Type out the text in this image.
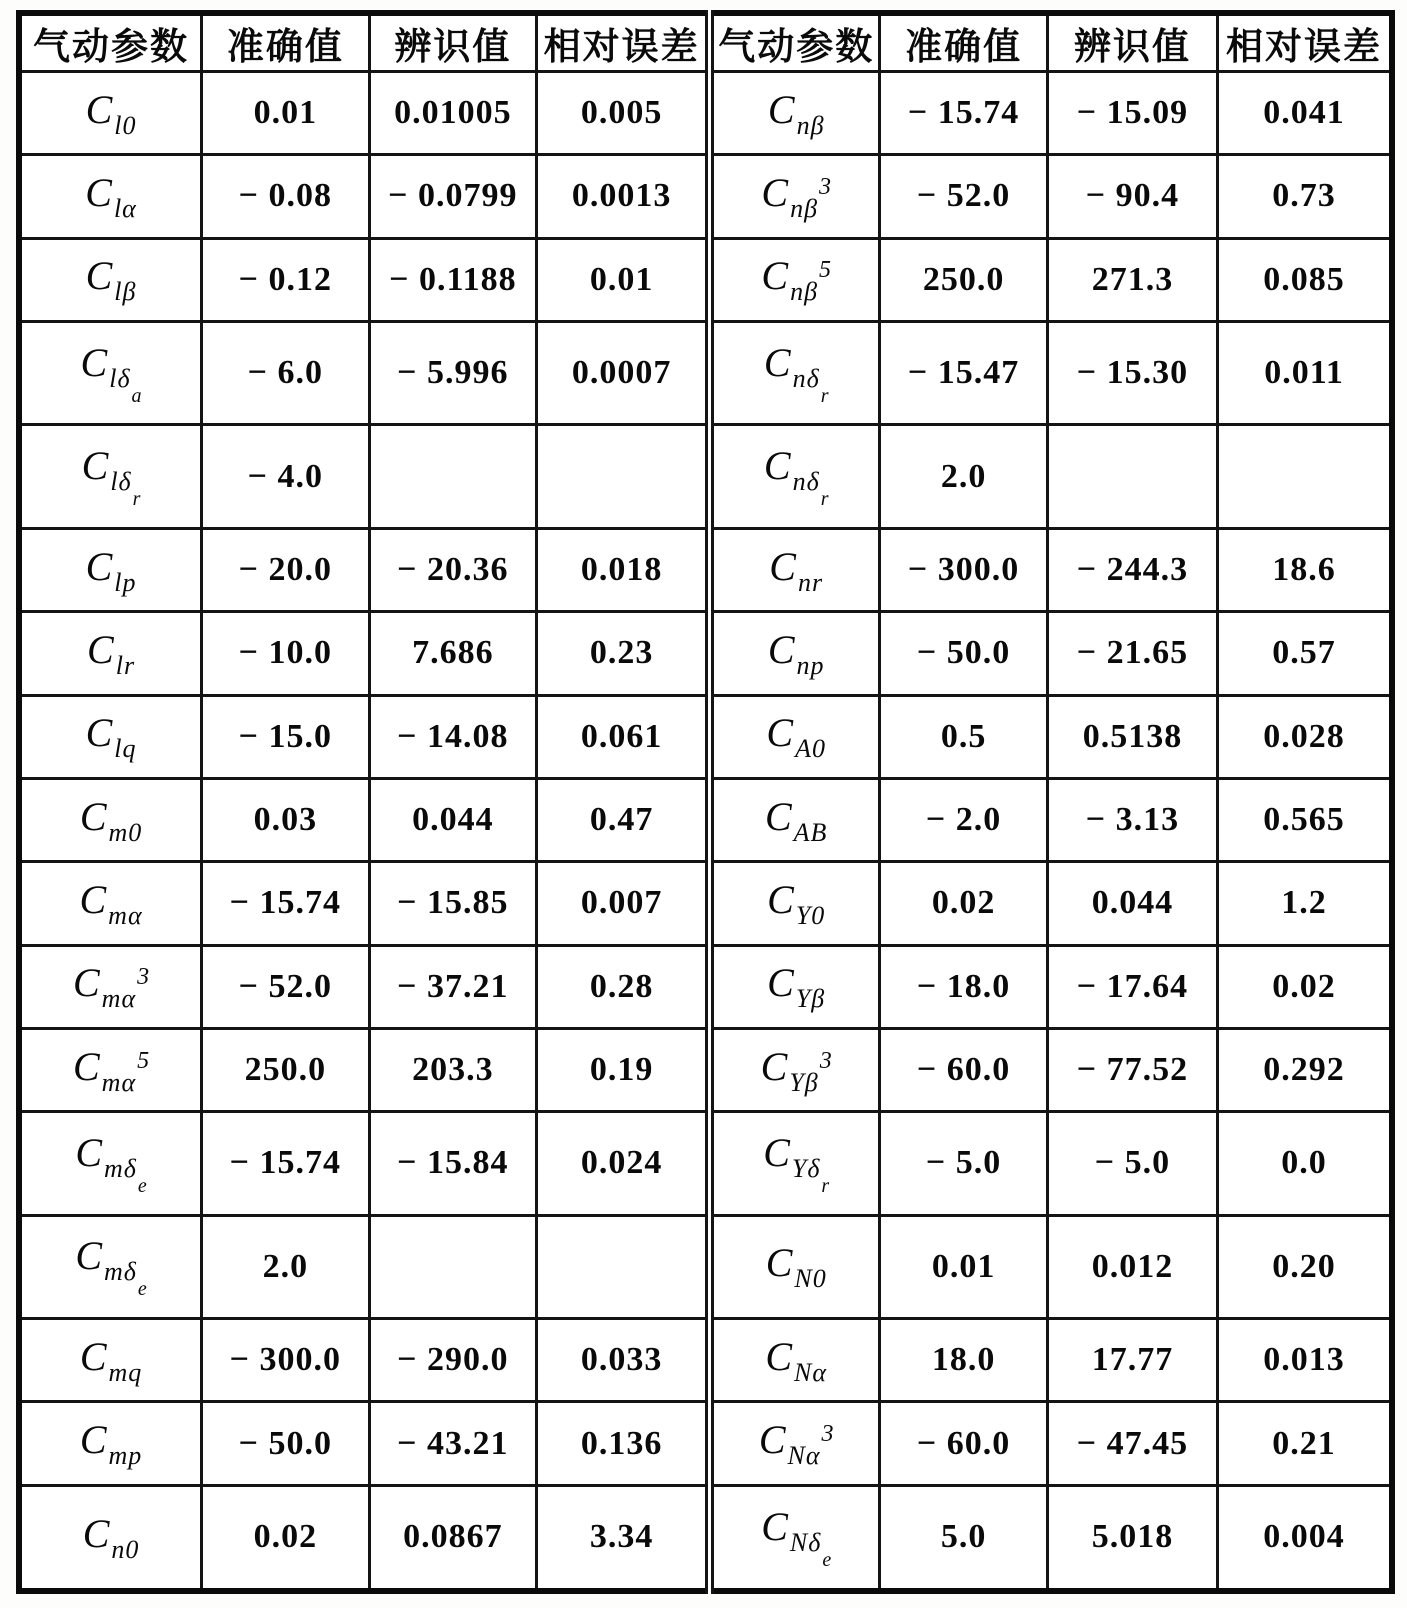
气动参数	准确值	辨识值	相对误差	气动参数	准确值	辨识值	相对误差
$C_{l0}$	0.01	0.01005	0.005	$C_{n\beta}$	− 15.74	− 15.09	0.041
$C_{l\alpha}$	− 0.08	− 0.0799	0.0013	$C_{n\beta}^3$	− 52.0	− 90.4	0.73
$C_{l\beta}$	− 0.12	− 0.1188	0.01	$C_{n\beta}^5$	250.0	271.3	0.085
$C_{l\delta a}$	− 6.0	− 5.996	0.0007	$C_{n\delta r}$	− 15.47	− 15.30	0.011
$C_{l\delta r}$	− 4.0			$C_{n\delta r}$	2.0		
$C_{lp}$	− 20.0	− 20.36	0.018	$C_{nr}$	− 300.0	− 244.3	18.6
$C_{lr}$	− 10.0	7.686	0.23	$C_{np}$	− 50.0	− 21.65	0.57
$C_{lq}$	− 15.0	− 14.08	0.061	$C_{A0}$	0.5	0.5138	0.028
$C_{m0}$	0.03	0.044	0.47	$C_{AB}$	− 2.0	− 3.13	0.565
$C_{m\alpha}$	− 15.74	− 15.85	0.007	$C_{Y0}$	0.02	0.044	1.2
$C_{m\alpha}^3$	− 52.0	− 37.21	0.28	$C_{Y\beta}$	− 18.0	− 17.64	0.02
$C_{m\alpha}^5$	250.0	203.3	0.19	$C_{Y\beta}^3$	− 60.0	− 77.52	0.292
$C_{m\delta e}$	− 15.74	− 15.84	0.024	$C_{Y\delta r}$	− 5.0	− 5.0	0.0
$C_{m\delta e}$	2.0			$C_{N0}$	0.01	0.012	0.20
$C_{mq}$	− 300.0	− 290.0	0.033	$C_{N\alpha}$	18.0	17.77	0.013
$C_{mp}$	− 50.0	− 43.21	0.136	$C_{N\alpha}^3$	− 60.0	− 47.45	0.21
$C_{n0}$	0.02	0.0867	3.34	$C_{N\delta e}$	5.0	5.018	0.004
